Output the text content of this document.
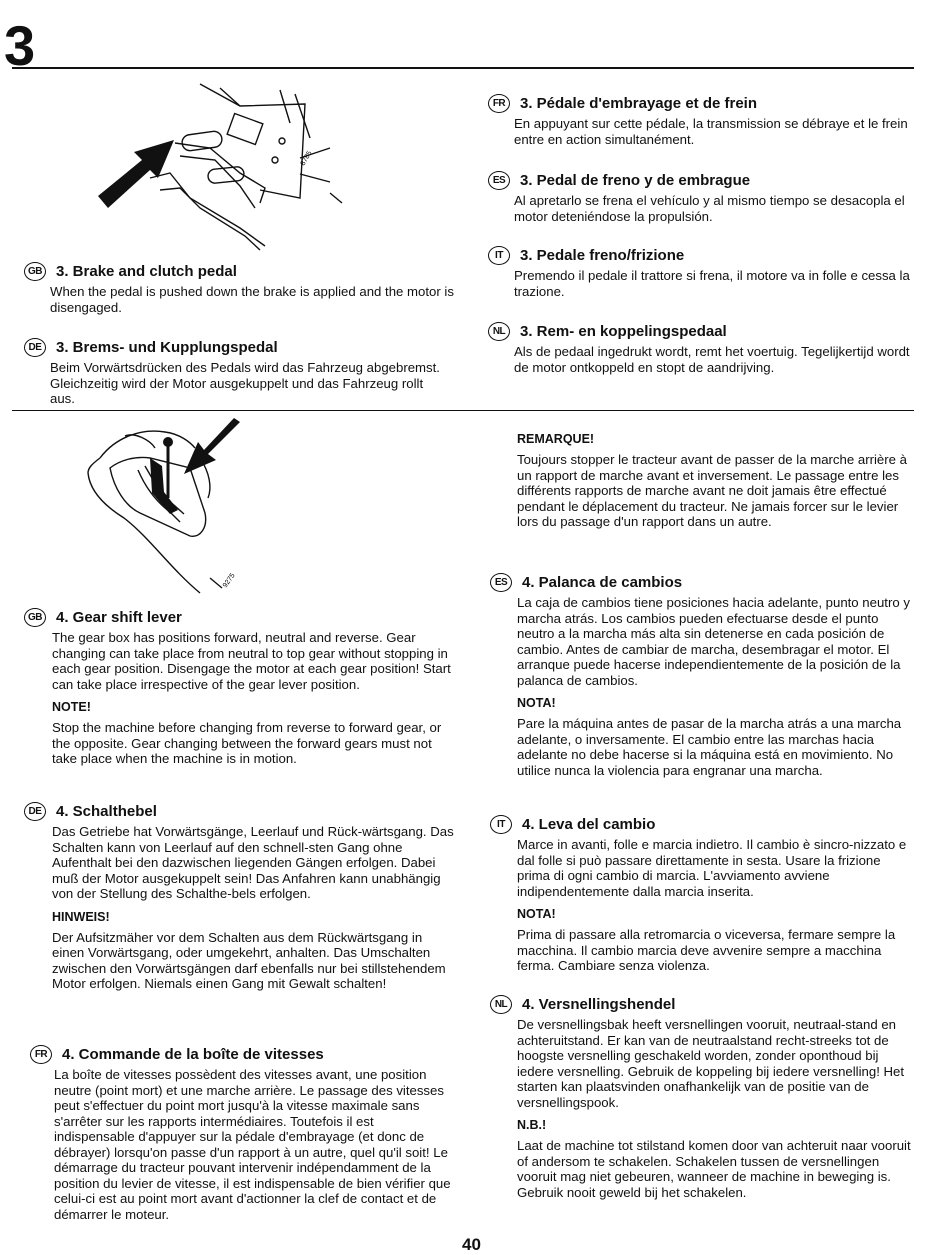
3
8785
GB 3. Brake and clutch pedal

When the pedal is pushed down the brake is applied and the motor is disengaged.

DE 3. Brems- und Kupplungspedal

Beim Vorwärtsdrücken des Pedals wird das Fahrzeug abgebremst. Gleichzeitig wird der Motor ausgekuppelt und das Fahrzeug rollt aus.

FR 3. Pédale d'embrayage et de frein

En appuyant sur cette pédale, la transmission se débraye et le frein entre en action simultanément.

ES 3. Pedal de freno y de embrague

Al apretarlo se frena el vehículo y al mismo tiempo se desacopla el motor deteniéndose la propulsión.

IT	3. Pedale freno/frizione

Premendo il pedale il trattore si frena, il motore va in folle e cessa la trazione.

NL 3. Rem- en koppelingspedaal

Als de pedaal ingedrukt wordt, remt het voertuig. Tegelijkertijd wordt de motor ontkoppeld en stopt de aandrijving.

9275
GB 4. Gear shift lever

The gear box has positions forward, neutral and reverse. Gear changing can take place from neutral to top gear without stopping in each gear position. Disengage the motor at each gear position! Start can take place irrespective of the gear lever position.

NOTE!

Stop the machine before changing from reverse to forward gear, or the opposite. Gear changing between the forward gears must not take place when the machine is in motion.

DE 4. Schalthebel

Das Getriebe hat Vorwärtsgänge, Leerlauf und Rück-wärtsgang. Das Schalten kann von Leerlauf auf den schnell-sten Gang ohne Aufenthalt bei den dazwischen liegenden Gängen erfolgen. Dabei muß der Motor ausgekuppelt sein! Das Anfahren kann unabhängig von der Stellung des Schalthe-bels erfolgen.

HINWEIS!

Der Aufsitzmäher vor dem Schalten aus dem Rückwärtsgang in einen Vorwärtsgang, oder umgekehrt, anhalten. Das Umschalten zwischen den Vorwärtsgängen darf ebenfalls nur bei stillstehendem Motor erfolgen. Niemals einen Gang mit Gewalt schalten!

FR 4. Commande de la boîte de vitesses

La boîte de vitesses possèdent des vitesses avant, une position neutre (point mort) et une marche arrière. Le passage des vitesses peut s'effectuer du point mort jusqu'à la vitesse maximale sans s'arrêter sur les rapports intermédiaires. Toutefois il est indispensable d'appuyer sur la pédale d'embrayage (et donc de débrayer) lorsqu'on passe d'un rapport à un autre, quel qu'il soit! Le démarrage du tracteur pouvant intervenir indépendamment de la position du levier de vitesse, il est indispensable de bien vérifier que celui-ci est au point mort avant d'actionner la clef de contact et de démarrer le moteur.

REMARQUE!

Toujours stopper le tracteur avant de passer de la marche arrière à un rapport de marche avant et inversement. Le passage entre les différents rapports de marche avant ne doit jamais être effectué pendant le déplacement du tracteur. Ne jamais forcer sur le levier lors du passage d'un rapport dans un autre.

ES 4. Palanca de cambios

La caja de cambios tiene posiciones hacia adelante, punto neutro y marcha atrás. Los cambios pueden efectuarse desde el punto neutro a la marcha más alta sin detenerse en cada posición de cambio. Antes de cambiar de marcha, desembragar el motor. El arranque puede hacerse independientemente de la posición de la palanca de cambios.

NOTA!

Pare la máquina antes de pasar de la marcha atrás a una marcha adelante, o inversamente. El cambio entre las marchas hacia adelante no debe hacerse si la máquina está en movimiento. No utilice nunca la violencia para engranar una marcha.

IT	4. Leva del cambio

Marce in avanti, folle e marcia indietro. Il cambio è sincro-nizzato e dal folle si può passare direttamente in sesta. Usare la frizione prima di ogni cambio di marcia. L'avviamento avviene indipendentemente dalla marcia inserita.

NOTA!

Prima di passare alla retromarcia o viceversa, fermare sempre la macchina. Il cambio marcia deve avvenire sempre a macchina ferma. Cambiare senza violenza.

NL 4. Versnellingshendel

De versnellingsbak heeft versnellingen vooruit, neutraal-stand en achteruitstand. Er kan van de neutraalstand recht-streeks tot de hoogste versnelling geschakeld worden, zonder oponthoud bij iedere versnelling. Gebruik de koppeling bij iedere versnelling! Het starten kan plaatsvinden onafhankelijk van de positie van de versnellingspook.

N.B.!

Laat de machine tot stilstand komen door van achteruit naar vooruit of andersom te schakelen. Schakelen tussen de versnellingen vooruit mag niet gebeuren, wanneer de machine in beweging is. Gebruik nooit geweld bij het schakelen.

40
